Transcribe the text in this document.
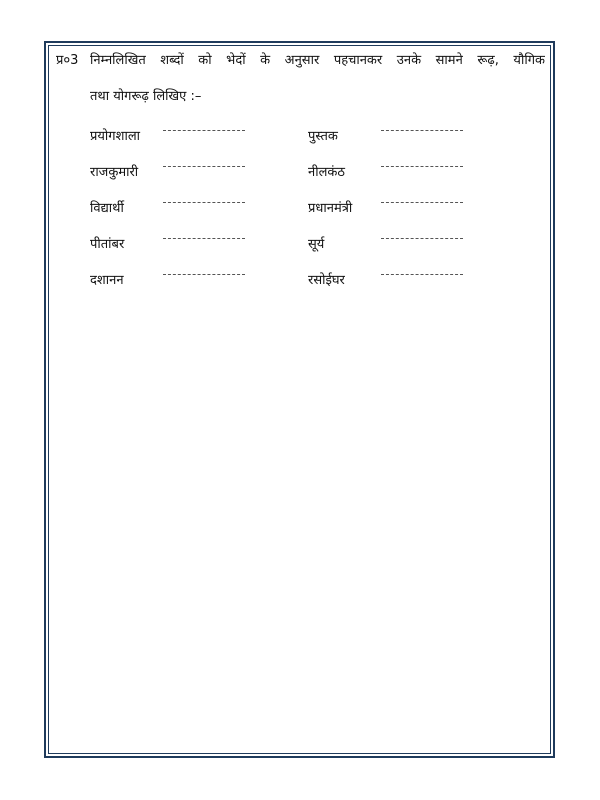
प्र०3 निम्नलिखित शब्दों को भेदों के अनुसार पहचानकर उनके सामने रूढ़, यौगिक
तथा योगरूढ़ लिखिए :–
प्रयोगशाला
राजकुमारी
विद्यार्थी
पीतांबर
दशानन
पुस्तक
नीलकंठ
प्रधानमंत्री
सूर्य
रसोईघर
